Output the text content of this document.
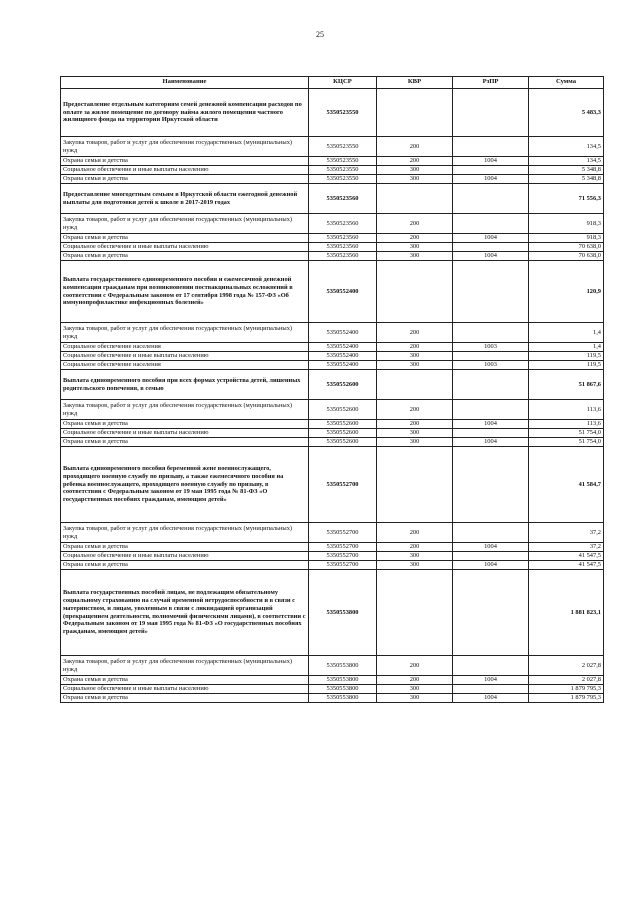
25
Наименование	КЦСР	КВР	РзПР	Сумма
Предоставление отдельным категориям семей денежной компенсации расходов по оплате за жилое помещение по договору найма жилого помещения частного жилищного фонда на территории Иркутской области	5350523550			5 483,3
Закупка товаров, работ и услуг для обеспечения государственных (муниципальных) нужд	5350523550	200		134,5
Охрана семьи и детства	5350523550	200	1004	134,5
Социальное обеспечение и иные выплаты населению	5350523550	300		5 348,8
Охрана семьи и детства	5350523550	300	1004	5 348,8
Предоставление многодетным семьям в Иркутской области ежегодной денежной выплаты для подготовки детей к школе в 2017-2019 годах	5350523560			71 556,3
Закупка товаров, работ и услуг для обеспечения государственных (муниципальных) нужд	5350523560	200		918,3
Охрана семьи и детства	5350523560	200	1004	918,3
Социальное обеспечение и иные выплаты населению	5350523560	300		70 638,0
Охрана семьи и детства	5350523560	300	1004	70 638,0
Выплата государственного единовременного пособия и ежемесячной денежной компенсации гражданам при возникновении поствакцинальных осложнений в соответствии с Федеральным законом от 17 сентября 1998 года № 157-ФЗ «Об иммунопрофилактике инфекционных болезней»	5350552400			120,9
Закупка товаров, работ и услуг для обеспечения государственных (муниципальных) нужд	5350552400	200		1,4
Социальное обеспечение населения	5350552400	200	1003	1,4
Социальное обеспечение и иные выплаты населению	5350552400	300		119,5
Социальное обеспечение населения	5350552400	300	1003	119,5
Выплата единовременного пособия при всех формах устройства детей, лишенных родительского попечения, в семью	5350552600			51 867,6
Закупка товаров, работ и услуг для обеспечения государственных (муниципальных) нужд	5350552600	200		113,6
Охрана семьи и детства	5350552600	200	1004	113,6
Социальное обеспечение и иные выплаты населению	5350552600	300		51 754,0
Охрана семьи и детства	5350552600	300	1004	51 754,0
Выплата единовременного пособия беременной жене военнослужащего, проходящего военную службу по призыву, а также ежемесячного пособия на ребенка военнослужащего, проходящего военную службу по призыву, в соответствии с Федеральным законом от 19 мая 1995 года № 81-ФЗ «О государственных пособиях гражданам, имеющим детей»	5350552700			41 584,7
Закупка товаров, работ и услуг для обеспечения государственных (муниципальных) нужд	5350552700	200		37,2
Охрана семьи и детства	5350552700	200	1004	37,2
Социальное обеспечение и иные выплаты населению	5350552700	300		41 547,5
Охрана семьи и детства	5350552700	300	1004	41 547,5
Выплата государственных пособий лицам, не подлежащим обязательному социальному страхованию на случай временной нетрудоспособности и в связи с материнством, и лицам, уволенным в связи с ликвидацией организаций (прекращением деятельности, полномочий физическими лицами), в соответствии с Федеральным законом от 19 мая 1995 года № 81-ФЗ «О государственных пособиях гражданам, имеющим детей»	5350553800			1 881 823,1
Закупка товаров, работ и услуг для обеспечения государственных (муниципальных) нужд	5350553800	200		2 027,8
Охрана семьи и детства	5350553800	200	1004	2 027,8
Социальное обеспечение и иные выплаты населению	5350553800	300		1 879 795,3
Охрана семьи и детства	5350553800	300	1004	1 879 795,3
